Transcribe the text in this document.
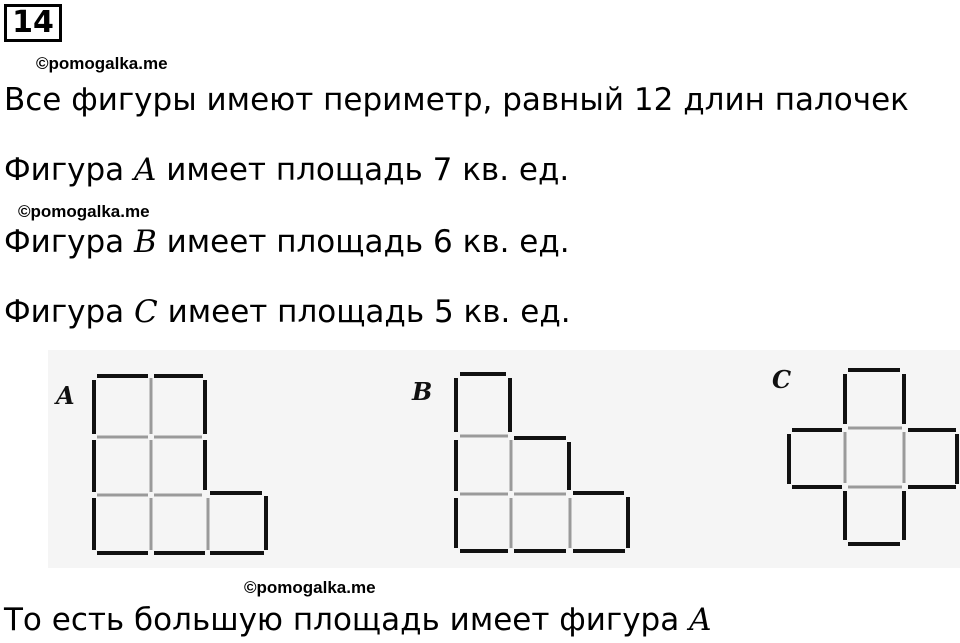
14
©pomogalka.me

Все фигуры имеют периметр, равный 12 длин палочек

Фигура A имеет площадь 7 кв. ед.

©pomogalka.me

Фигура B имеет площадь 6 кв. ед.

Фигура C имеет площадь 5 кв. ед.

A	B	C
©pomogalka.me

То есть большую площадь имеет фигура A
